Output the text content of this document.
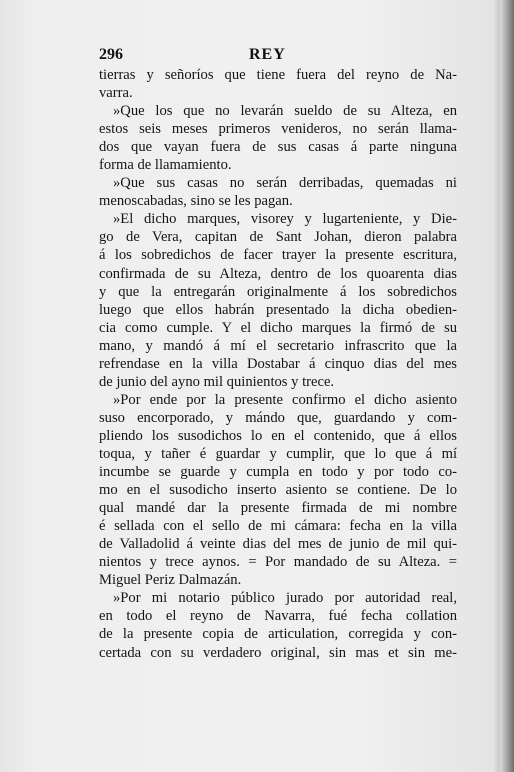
296	REY
tierras y señoríos que tiene fuera del reyno de Na-
varra.
»Que los que no levarán sueldo de su Alteza, en
estos seis meses primeros venideros, no serán llama-
dos que vayan fuera de sus casas á parte ninguna
forma de llamamiento.
»Que sus casas no serán derribadas, quemadas ni
menoscabadas, sino se les pagan.
»El dicho marques, visorey y lugarteniente, y Die-
go de Vera, capitan de Sant Johan, dieron palabra
á los sobredichos de facer trayer la presente escritura,
confirmada de su Alteza, dentro de los quoarenta dias
y que la entregarán originalmente á los sobredichos
luego que ellos habrán presentado la dicha obedien-
cia como cumple. Y el dicho marques la firmó de su
mano, y mandó á mí el secretario infrascrito que la
refrendase en la villa Dostabar á cinquo dias del mes
de junio del ayno mil quinientos y trece.
»Por ende por la presente confirmo el dicho asiento
suso encorporado, y mándo que, guardando y com-
pliendo los susodichos lo en el contenido, que á ellos
toqua, y tañer é guardar y cumplir, que lo que á mí
incumbe se guarde y cumpla en todo y por todo co-
mo en el susodicho inserto asiento se contiene. De lo
qual mandé dar la presente firmada de mi nombre
é sellada con el sello de mi cámara: fecha en la villa
de Valladolid á veinte dias del mes de junio de mil qui-
nientos y trece aynos. = Por mandado de su Alteza. =
Miguel Periz Dalmazán.
»Por mi notario público jurado por autoridad real,
en todo el reyno de Navarra, fué fecha collation
de la presente copia de articulation, corregida y con-
certada con su verdadero original, sin mas et sin me-
